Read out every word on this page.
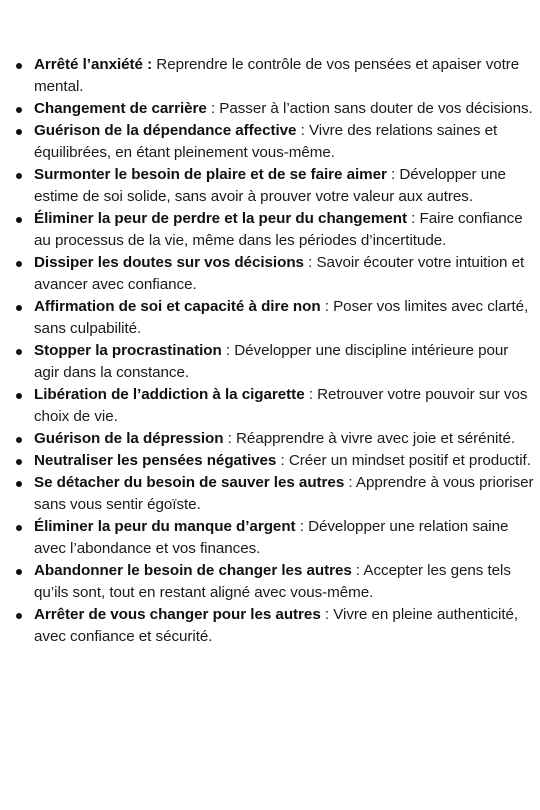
Arrêté l’anxiété : Reprendre le contrôle de vos pensées et apaiser votre mental.
Changement de carrière : Passer à l’action sans douter de vos décisions.
Guérison de la dépendance affective : Vivre des relations saines et équilibrées, en étant pleinement vous-même.
Surmonter le besoin de plaire et de se faire aimer : Développer une estime de soi solide, sans avoir à prouver votre valeur aux autres.
Éliminer la peur de perdre et la peur du changement : Faire confiance au processus de la vie, même dans les périodes d’incertitude.
Dissiper les doutes sur vos décisions : Savoir écouter votre intuition et avancer avec confiance.
Affirmation de soi et capacité à dire non : Poser vos limites avec clarté, sans culpabilité.
Stopper la procrastination : Développer une discipline intérieure pour agir dans la constance.
Libération de l’addiction à la cigarette : Retrouver votre pouvoir sur vos choix de vie.
Guérison de la dépression : Réapprendre à vivre avec joie et sérénité.
Neutraliser les pensées négatives : Créer un mindset positif et productif.
Se détacher du besoin de sauver les autres : Apprendre à vous prioriser sans vous sentir égoïste.
Éliminer la peur du manque d’argent : Développer une relation saine avec l’abondance et vos finances.
Abandonner le besoin de changer les autres : Accepter les gens tels qu’ils sont, tout en restant aligné avec vous-même.
Arrêter de vous changer pour les autres : Vivre en pleine authenticité, avec confiance et sécurité.
